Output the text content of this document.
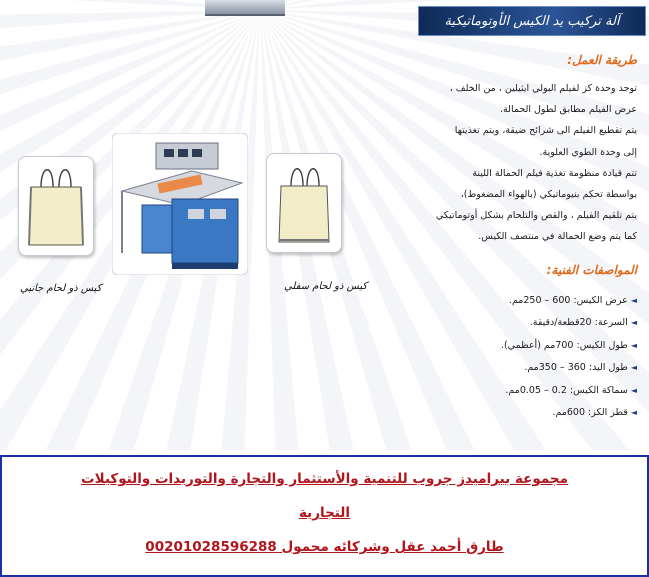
آلة تركيب يد الكيس الأوتوماتيكية
طريقة العمل:
توجد وحدة كز لفيلم البولي ايثيلين ، من الخلف ،
عرض الفيلم مطابق لطول الحمالة.
يتم تقطيع الفيلم الى شرائح ضيقة، ويتم تغذيتها
إلى وحدة الطوي العلوية.
تتم قيادة منظومة تغذية فيلم الحمالة اللينة
بواسطة تحكم بنيوماتيكي (بالهواء المضغوط)،
يتم تلقيم الفيلم ، والقص والتلحام بشكل أوتوماتيكي
كما يتم وضع الحمالة في منتصف الكيس.
المواصفات الفنية:
◄عرض الكيس: 600 – 250مم.
◄السرعة: 20قطعة/دقيقة.
◄طول الكيس: 700مم (أعظمي).
◄طول اليد: 360 – 350مم.
◄سماكة الكيس: 0.2 – 0.05مم.
◄قطر الكز: 600مم.
كيس ذو لحام جانبي	كيس ذو لحام سفلي
مجموعة بيراميدز جروب للتنمية والأستثمار والتجارة والتوريدات والتوكيلات
التجارية
طارق أحمد عقل وشركائه محمول 00201028596288
